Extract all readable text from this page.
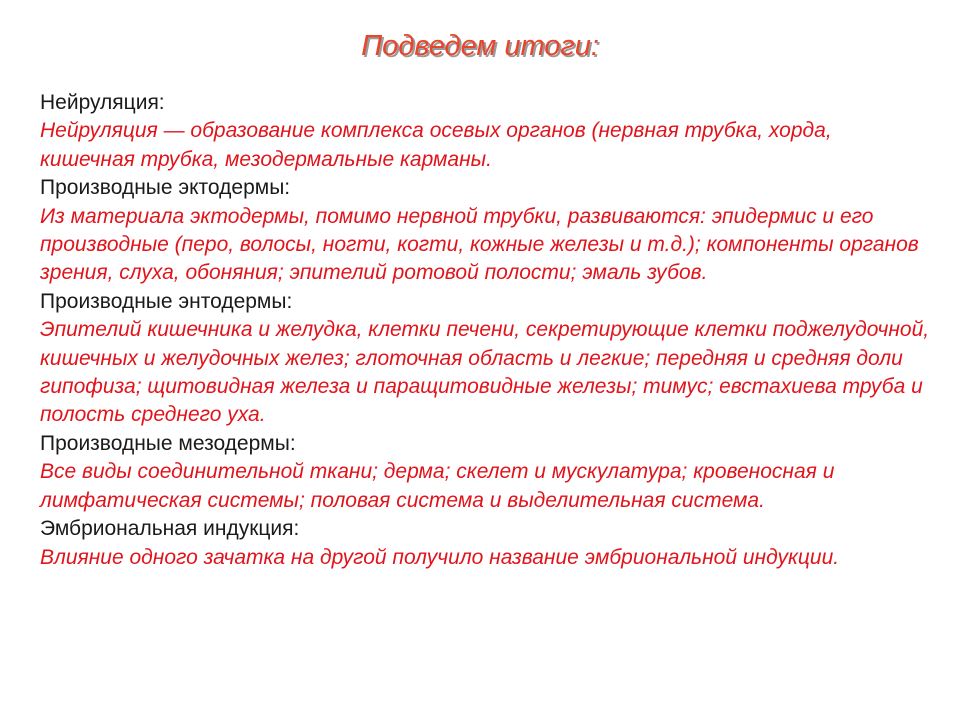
Подведем итоги:
Нейруляция:
Нейруляция — образование комплекса осевых органов (нервная трубка, хорда, кишечная трубка, мезодермальные карманы.
Производные эктодермы:
Из материала эктодермы, помимо нервной трубки, развиваются: эпидермис и его производные (перо, волосы, ногти, когти, кожные железы и т.д.); компоненты органов зрения, слуха, обоняния; эпителий ротовой полости; эмаль зубов.
Производные энтодермы:
Эпителий кишечника и желудка, клетки печени, секретирующие клетки поджелудочной, кишечных и желудочных желез; глоточная область и легкие; передняя и средняя доли гипофиза; щитовидная железа и паращитовидные железы; тимус; евстахиева труба и полость среднего уха.
Производные мезодермы:
Все виды соединительной ткани; дерма; скелет и мускулатура; кровеносная и лимфатическая системы; половая система и выделительная система.
Эмбриональная индукция:
Влияние одного зачатка на другой получило название эмбриональной индукции.
